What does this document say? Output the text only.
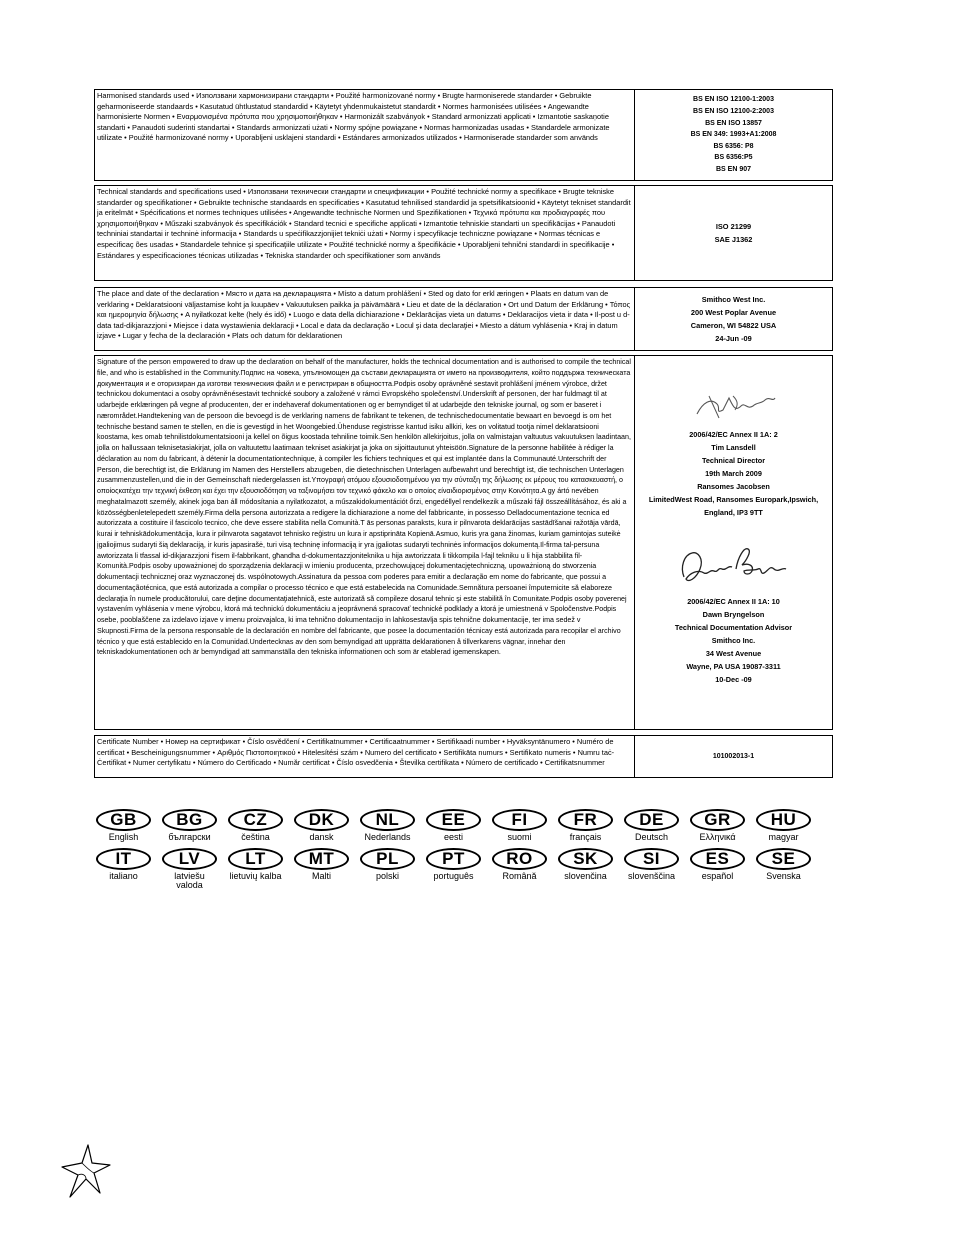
Harmonised standards used • Използвани хармонизирани стандарти • Použité harmonizované normy • Brugte harmoniserede standarder • Gebruikte geharmoniseerde standaards • Kasutatud ühtlustatud standardid • Käytetyt yhdenmukaistetut standardit • Normes harmonisées utilisées • Angewandte harmonisierte Normen • Εναρμονισμένα πρότυπα που χρησιμοποιήθηκαν • Harmonizált szabványok • Standard armonizzati applicati • Izmantotie saskaņotie standarti • Panaudoti suderinti standartai • Standards armonizzati użati • Normy spójne powiązane • Normas harmonizadas usadas • Standardele armonizate utilizate • Použité harmonizované normy • Uporabljeni usklajeni standardi • Estándares armonizados utilizados • Harmoniserade standarder som används
BS EN ISO 12100-1:2003
BS EN ISO 12100-2:2003
BS EN ISO 13857
BS EN 349: 1993+A1:2008
BS 6356: P8
BS 6356:P5
BS EN 907
Technical standards and specifications used • Използвани технически стандарти и спецификации • Použité technické normy a specifikace • Brugte tekniske standarder og specifikationer • Gebruikte technische standaards en specificaties • Kasutatud tehnilised standardid ja spetsifikatsioonid • Käytetyt tekniset standardit ja eritelmät • Spécifications et normes techniques utilisées • Angewandte technische Normen und Spezifikationen • Τεχνικά πρότυπα και προδιαγραφές που χρησιμοποιήθηκαν • Műszaki szabványok és specifikációk • Standard tecnici e specifiche applicati • Izmantotie tehniskie standarti un specifikācijas • Panaudoti techniniai standartai ir techninė informacija • Standards u speċifikazzjonijiet tekniċi użati • Normy i specyfikacje techniczne powiązane • Normas técnicas e especificaç ões usadas • Standardele tehnice şi specificaţiile utilizate • Použité technické normy a špecifikácie • Uporabljeni tehnični standardi in specifikacije • Estándares y especificaciones técnicas utilizadas • Tekniska standarder och specifikationer som används
ISO 21299
SAE J1362
The place and date of the declaration • Място и дата на декларацията • Místo a datum prohlášení • Sted og dato for erkl æringen • Plaats en datum van de verklaring • Deklaratsiooni väljastamise koht ja kuupäev • Vakuutuksen paikka ja päivämäärä • Lieu et date de la déclaration • Ort und Datum der Erklärung • Τόπος και ημερομηνία δήλωσης • A nyilatkozat kelte (hely és idő) • Luogo e data della dichiarazione • Deklarācijas vieta un datums • Deklaracijos vieta ir data • Il-post u d-data tad-dikjarazzjoni • Miejsce i data wystawienia deklaracji • Local e data da declaração • Locul şi data declaraţiei • Miesto a dátum vyhlásenia • Kraj in datum izjave • Lugar y fecha de la declaración • Plats och datum för deklarationen
Smithco West Inc.
200 West Poplar Avenue
Cameron, WI 54822 USA
24-Jun -09
Signature of the person empowered to draw up the declaration on behalf of the manufacturer, holds the technical documentation and is authorised to compile the technical file, and who is established in the Community.Подпис на човека, упълномощен да състави декларацията от името на производителя, който поддържа техническата документация и е оторизиран да изготви техническия файл и е регистриран в общността.Podpis osoby oprávněné sestavit prohlášení jménem výrobce, držet technickou dokumentaci a osoby oprávněnésestavit technické soubory a založené v rámci Evropského společenství.Underskrift af personen, der har fuldmagt til at udarbejde erklæringen på vegne af producenten, der er indehaveraf dokumentationen og er bemyndiget til at udarbejde den tekniske journal, og som er baseret i nærområdet.Handtekening van de persoon die bevoegd is de verklaring namens de fabrikant te tekenen, de technischedocumentatie bewaart en bevoegd is om het technische bestand samen te stellen, en die is gevestigd in het Woongebied.Ühenduse registrisse kantud isiku allkiri, kes on volitatud tootja nimel deklaratsiooni koostama, kes omab tehnilistdokumentatsiooni ja kellel on õigus koostada tehniline toimik.Sen henkilön allekirjoitus, jolla on valmistajan valtuutus vakuutuksen laadintaan, jolla on hallussaan teknisetasiakirjat, jolla on valtuutettu laatimaan tekniset asiakirjat ja joka on sijoittautunut yhteisöön.Signature de la personne habilitée à rédiger la déclaration au nom du fabricant, à détenir la documentationtechnique, à compiler les fichiers techniques et qui est implantée dans la Communauté.Unterschrift der Person, die berechtigt ist, die Erklärung im Namen des Herstellers abzugeben, die dietechnischen Unterlagen aufbewahrt und berechtigt ist, die technischen Unterlagen zusammenzustellen,und die in der Gemeinschaft niedergelassen ist.Υπογραφή ατόμου εξουσιοδοτημένου για την σύνταξη της δήλωσης εκ μέρους του κατασκευαστή, ο οποίοςκατέχει την τεχνική έκθεση και έχει την εξουσιοδότηση να ταξινομήσει τον τεχνικό φάκελο και ο οποίος είναιδιορισμένος στην Κοινότητα.A gy ártó nevében meghatalmazott személy, akinek joga ban áll módosítania a nyilatkozatot, a műszakidokumentációt őrzi, engedéllyel rendelkezik a műszaki fájl összeállításához, és aki a közösségbenletelepedett személy.Firma della persona autorizzata a redigere la dichiarazione a nome del fabbricante, in possesso Delladocumentazione tecnica ed autorizzata a costituire il fascicolo tecnico, che deve essere stabilita nella Comunità.T ās personas paraksts, kura ir pilnvarota deklarācijas sastādīšanai ražotāja vārdā, kurai ir tehniskādokumentācija, kura ir pilnvarota sagatavot tehnisko reģistru un kura ir apstiprināta Kopienā.Asmuo, kuris yra gana žinomas, kuriam gamintojas suteikė įgaliojimus sudaryti šią deklaraciją, ir kuris japasirašė, turi visą techninę informaciją ir yra įgaliotas sudaryti techninės informacijos dokumentą.Il-firma tal-persuna awtorizzata li tfassal id-dikjarazzjoni f'isem il-fabbrikant, għandha d-dokumentazzjoniteknika u hija awtorizzata li tikkompila l-fajl tekniku u li hija stabbilita fil-Komunità.Podpis osoby upoważnionej do sporządzenia deklaracji w imieniu producenta, przechowującej dokumentacjętechniczną, upoważnioną do stworzenia dokumentacji technicznej oraz wyznaczonej ds. wspólnotowych.Assinatura da pessoa com poderes para emitir a declaração em nome do fabricante, que possui a documentaçãotécnica, que está autorizada a compilar o processo técnico e que está estabelecida na Comunidade.Semnătura persoanei împuternicite să elaboreze declaraţia în numele producătorului, care deţine documentaţiatehnică, este autorizată să compileze dosarul tehnic şi este stabilită în Comunitate.Podpis osoby poverenej vystavením vyhlásenia v mene výrobcu, ktorá má technickú dokumentáciu a jeoprávnená spracovať technické podklady a ktorá je umiestnená v Spoločenstve.Podpis osebe, pooblaščene za izdelavo izjave v imenu proizvajalca, ki ima tehnično dokumentacijo in lahkosestavlja spis tehnične dokumentacije, ter ima sedež v Skupnosti.Firma de la persona responsable de la declaración en nombre del fabricante, que posee la documentación técnicay está autorizada para recopilar el archivo técnico y que está establecido en la Comunidad.Undertecknas av den som bemyndigad att upprätta deklarationen å tillverkarens vägnar, innehar den tekniskadokumentationen och är bemyndigad att sammanställa den tekniska informationen och som är etablerad igemenskapen.
2006/42/EC Annex II 1A: 2
Tim Lansdell
Technical Director
19th March 2009
Ransomes Jacobsen
LimitedWest Road, Ransomes Europark,Ipswich,
England, IP3 9TT
2006/42/EC Annex II 1A: 10
Dawn Bryngelson
Technical Documentation Advisor
Smithco Inc.
34 West Avenue
Wayne, PA USA 19087-3311
10-Dec -09
Certificate Number • Номер на сертификат • Číslo osvědčení • Certifikatnummer • Certificaatnummer • Sertifikaadi number • Hyväksyntänumero • Numéro de certificat • Bescheinigungsnummer • Αριθμός Πιστοποιητικού • Hitelesítési szám • Numero del certificato • Sertifikāta numurs • Sertifikato numeris • Numru taċ-Ċertifikat • Numer certyfikatu • Número do Certificado • Număr certificat • Číslo osvedčenia • Številka certifikata • Número de certificado • Certifikatsnummer
101002013-1
GB
English
BG
български
CZ
čeština
DK
dansk
NL
Nederlands
EE
eesti
FI
suomi
FR
français
DE
Deutsch
GR
Ελληνικά
HU
magyar
IT
italiano
LV
latviešu valoda
LT
lietuvių kalba
MT
Malti
PL
polski
PT
português
RO
Română
SK
slovenčina
SI
slovenščina
ES
español
SE
Svenska
